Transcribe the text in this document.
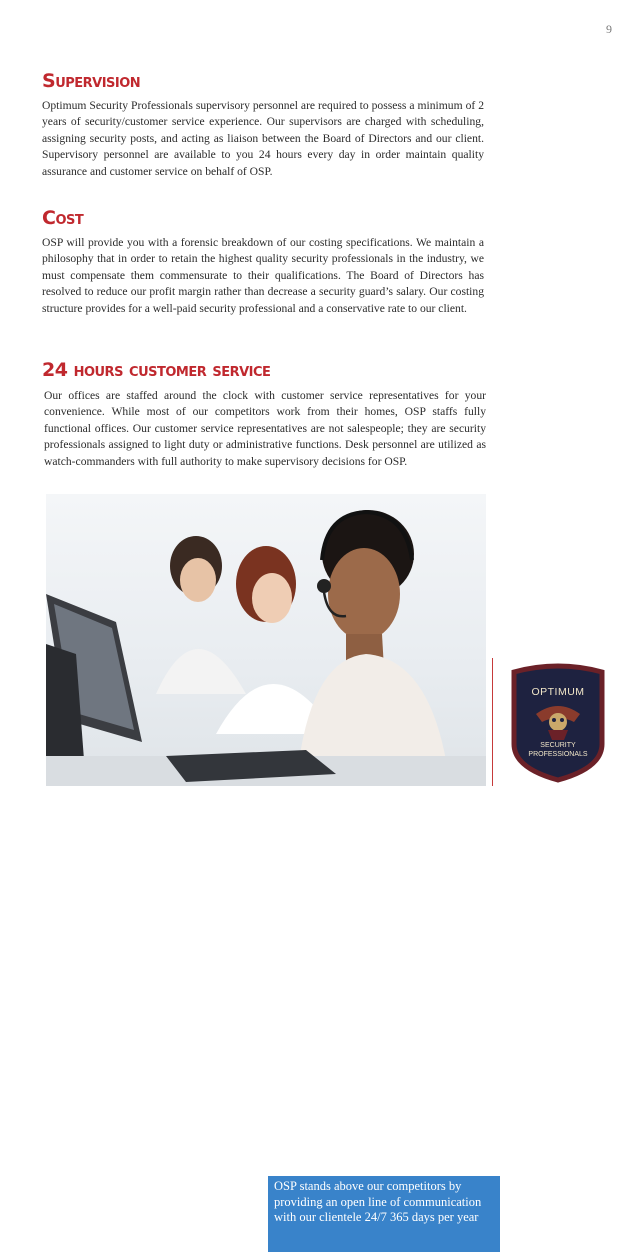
9
Supervision

Optimum Security Professionals supervisory personnel are required to possess a minimum of 2 years of security/customer service experience. Our supervisors are charged with scheduling, assigning security posts, and acting as liaison between the Board of Directors and our client. Supervisory personnel are available to you 24 hours every day in order maintain quality assurance and customer service on behalf of OSP.

Cost

OSP will provide you with a forensic breakdown of our costing specifications. We maintain a philosophy that in order to retain the highest quality security professionals in the industry, we must compensate them commensurate to their qualifications. The Board of Directors has resolved to reduce our profit margin rather than decrease a security guard’s salary. Our costing structure provides for a well-paid security professional and a conservative rate to our client.

24 hours customer service

Our offices are staffed around the clock with customer service representatives for your convenience. While most of our competitors work from their homes, OSP staffs fully functional offices. Our customer service representatives are not salespeople; they are security professionals assigned to light duty or administrative functions. Desk personnel are utilized as watch-commanders with full authority to make supervisory decisions for OSP.

OSP stands above our competitors by providing an open line of communication with our clientele 24/7 365 days per year
OPTIMUM
SECURITY
PROFESSIONALS
